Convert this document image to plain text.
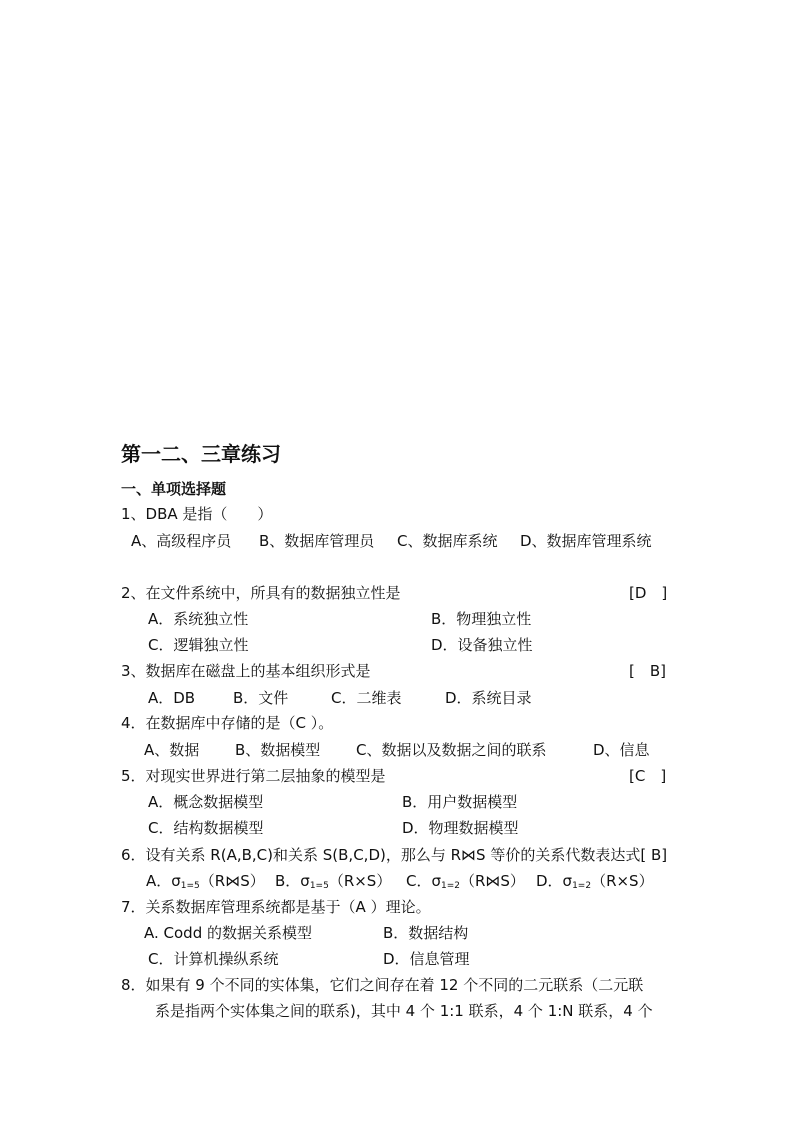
第一二、三章练习
一、单项选择题
1、DBA 是指（　　）
A、高级程序员 B、数据库管理员 C、数据库系统 D、数据库管理系统
2、在文件系统中，所具有的数据独立性是	[D　]
A．系统独立性	B．物理独立性
C．逻辑独立性	D．设备独立性
3、数据库在磁盘上的基本组织形式是	[　B]
A．DB	B．文件	C．二维表	D．系统目录
4．在数据库中存储的是（C ）。
A、数据 B、数据模型 C、数据以及数据之间的联系	D、信息
5．对现实世界进行第二层抽象的模型是	[C　]
A．概念数据模型	B．用户数据模型
C．结构数据模型	D．物理数据模型
6．设有关系 R(A,B,C)和关系 S(B,C,D)，那么与 R⋈S 等价的关系代数表达式[ B]
A．$\sigma_{1=5}(R⋈S)$ B．$\sigma_{1=5}(R\times S)$ C．$\sigma_{1=2}(R⋈S)$ D．$\sigma_{1=2}(R\times S)$
7．关系数据库管理系统都是基于（A ）理论。
A. Codd 的数据关系模型	B．数据结构
C．计算机操纵系统	D．信息管理
8．如果有 9 个不同的实体集，它们之间存在着 12 个不同的二元联系（二元联
系是指两个实体集之间的联系)，其中 4 个 1:1 联系，4 个 1:N 联系，4 个
